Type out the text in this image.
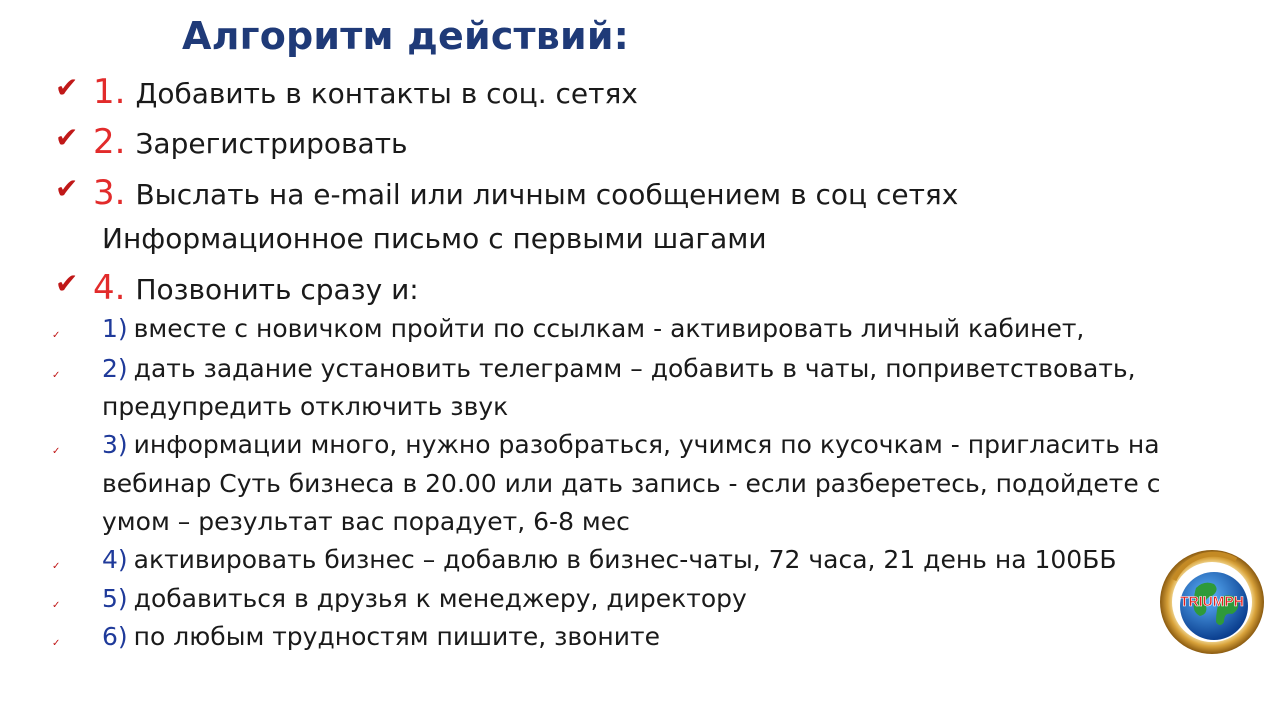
Алгоритм действий:
✔ 1. Добавить в контакты в соц. сетях
✔ 2. Зарегистрировать
✔ 3. Выслать на e-mail или личным сообщением в соц сетях
Информационное письмо с первыми шагами
✔ 4. Позвонить сразу и:
✓ 1) вместе с новичком пройти по ссылкам - активировать личный кабинет,
✓ 2) дать задание установить телеграмм – добавить в чаты, поприветствовать,
предупредить отключить звук
✓ 3) информации много, нужно разобраться, учимся по кусочкам - пригласить на
вебинар Суть бизнеса в 20.00 или дать запись - если разберетесь, подойдете с
умом – результат вас порадует, 6-8 мес
✓ 4) активировать бизнес – добавлю в бизнес-чаты, 72 часа, 21 день на 100ББ
✓ 5) добавиться в друзья к менеджеру, директору
✓ 6) по любым трудностям пишите, звоните
TRIUMPH
